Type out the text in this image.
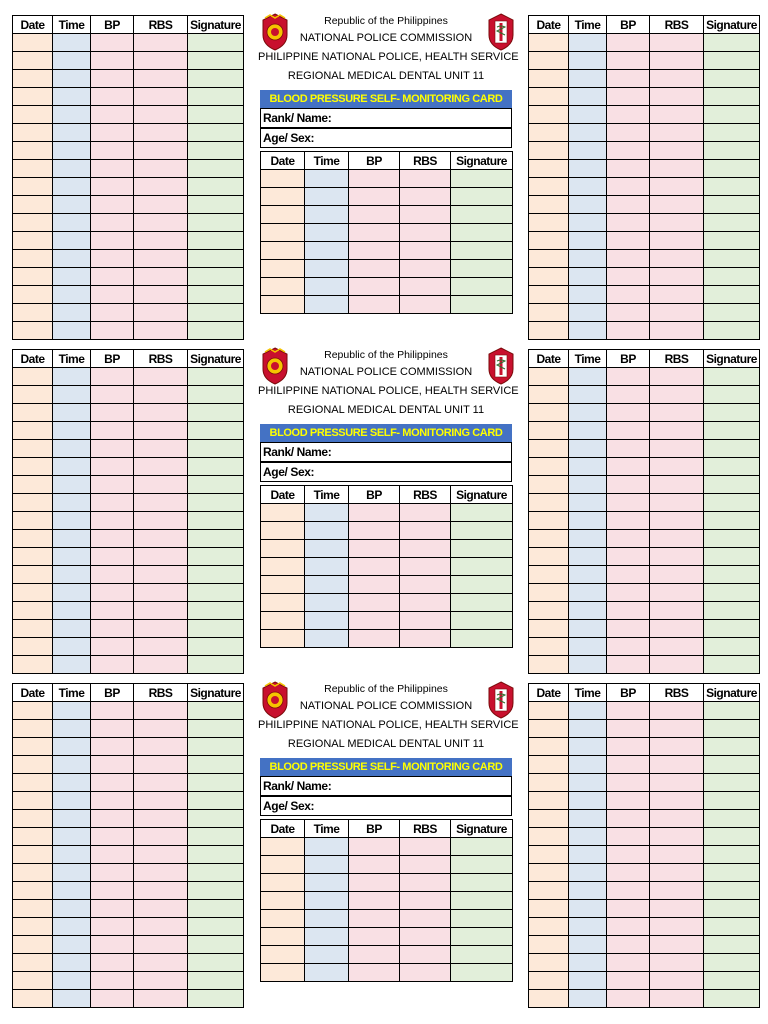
Date	Time	BP	RBS	Signature

					Date	Time	BP	RBS	Signature

Republic of the Philippines
NATIONAL POLICE COMMISSION
PHILIPPINE NATIONAL POLICE, HEALTH SERVICE
REGIONAL MEDICAL DENTAL UNIT 11
BLOOD PRESSURE SELF- MONITORING CARD
Rank/ Name:
Age/ Sex:
Date	Time	BP	RBS	Signature

Date	Time	BP	RBS	Signature

					Date	Time	BP	RBS	Signature

Republic of the Philippines
NATIONAL POLICE COMMISSION
PHILIPPINE NATIONAL POLICE, HEALTH SERVICE
REGIONAL MEDICAL DENTAL UNIT 11
BLOOD PRESSURE SELF- MONITORING CARD
Rank/ Name:
Age/ Sex:
Date	Time	BP	RBS	Signature

Date	Time	BP	RBS	Signature

					Date	Time	BP	RBS	Signature

Republic of the Philippines
NATIONAL POLICE COMMISSION
PHILIPPINE NATIONAL POLICE, HEALTH SERVICE
REGIONAL MEDICAL DENTAL UNIT 11
BLOOD PRESSURE SELF- MONITORING CARD
Rank/ Name:
Age/ Sex:
Date	Time	BP	RBS	Signature
